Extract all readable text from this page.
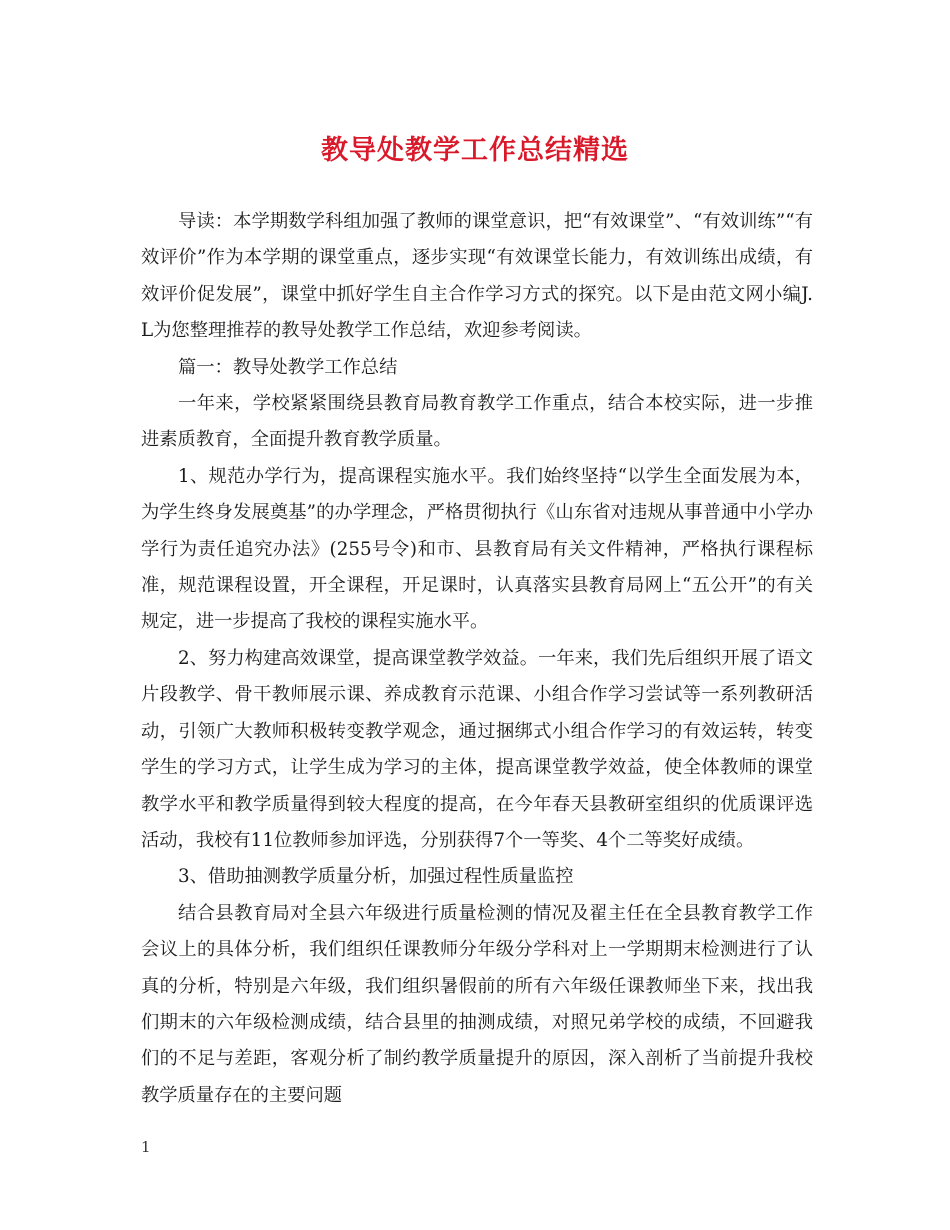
教导处教学工作总结精选

导读：本学期数学科组加强了教师的课堂意识，把“有效课堂”、“有效训练”“有效评价”作为本学期的课堂重点，逐步实现“有效课堂长能力，有效训练出成绩，有效评价促发展”，课堂中抓好学生自主合作学习方式的探究。以下是由范文网小编J.L为您整理推荐的教导处教学工作总结，欢迎参考阅读。

篇一：教导处教学工作总结

一年来，学校紧紧围绕县教育局教育教学工作重点，结合本校实际，进一步推进素质教育，全面提升教育教学质量。

1、规范办学行为，提高课程实施水平。我们始终坚持“以学生全面发展为本，为学生终身发展奠基”的办学理念，严格贯彻执行《山东省对违规从事普通中小学办学行为责任追究办法》(255号令)和市、县教育局有关文件精神，严格执行课程标准，规范课程设置，开全课程，开足课时，认真落实县教育局网上“五公开”的有关规定，进一步提高了我校的课程实施水平。

2、努力构建高效课堂，提高课堂教学效益。一年来，我们先后组织开展了语文片段教学、骨干教师展示课、养成教育示范课、小组合作学习尝试等一系列教研活动，引领广大教师积极转变教学观念，通过捆绑式小组合作学习的有效运转，转变学生的学习方式，让学生成为学习的主体，提高课堂教学效益，使全体教师的课堂教学水平和教学质量得到较大程度的提高，在今年春天县教研室组织的优质课评选活动，我校有11位教师参加评选，分别获得7个一等奖、4个二等奖好成绩。

3、借助抽测教学质量分析，加强过程性质量监控

结合县教育局对全县六年级进行质量检测的情况及翟主任在全县教育教学工作会议上的具体分析，我们组织任课教师分年级分学科对上一学期期末检测进行了认真的分析，特别是六年级，我们组织暑假前的所有六年级任课教师坐下来，找出我们期末的六年级检测成绩，结合县里的抽测成绩，对照兄弟学校的成绩，不回避我们的不足与差距，客观分析了制约教学质量提升的原因，深入剖析了当前提升我校教学质量存在的主要问题

1
